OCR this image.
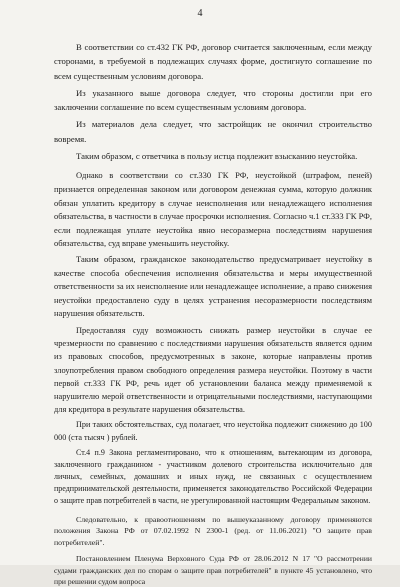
4

В соответствии со ст.432 ГК РФ, договор считается заключенным, если между сторонами, в требуемой в подлежащих случаях форме, достигнуто соглашение по всем существенным условиям договора.

Из указанного выше договора следует, что стороны достигли при его заключении соглашение по всем существенным условиям договора.

Из материалов дела следует, что застройщик не окончил строительство вовремя.

Таким образом, с ответчика в пользу истца подлежит взысканию неустойка.

Однако в соответствии со ст.330 ГК РФ, неустойкой (штрафом, пеней) признается определенная законом или договором денежная сумма, которую должник обязан уплатить кредитору в случае неисполнения или ненадлежащего исполнения обязательства, в частности в случае просрочки исполнения. Согласно ч.1 ст.333 ГК РФ, если подлежащая уплате неустойка явно несоразмерна последствиям нарушения обязательства, суд вправе уменьшить неустойку.

Таким образом, гражданское законодательство предусматривает неустойку в качестве способа обеспечения исполнения обязательства и меры имущественной ответственности за их неисполнение или ненадлежащее исполнение, а право снижения неустойки предоставлено суду в целях устранения несоразмерности последствиям нарушения обязательств.

Предоставляя суду возможность снижать размер неустойки в случае ее чрезмерности по сравнению с последствиями нарушения обязательств является одним из правовых способов, предусмотренных в законе, которые направлены против злоупотребления правом свободного определения размера неустойки. Поэтому в части первой ст.333 ГК РФ, речь идет об установлении баланса между применяемой к нарушителю мерой ответственности и отрицательными последствиями, наступающими для кредитора в результате нарушения обязательства.

При таких обстоятельствах, суд полагает, что неустойка подлежит снижению до 100 000 (ста тысяч ) рублей.

Ст.4 п.9 Закона регламентировано, что к отношениям, вытекающим из договора, заключенного гражданином - участником долевого строительства исключительно для личных, семейных, домашних и иных нужд, не связанных с осуществлением предпринимательской деятельности, применяется законодательство Российской Федерации о защите прав потребителей в части, не урегулированной настоящим Федеральным законом.

Следовательно, к правоотношениям по вышеуказанному договору применяются положения Закона РФ от 07.02.1992 N 2300-1 (ред. от 11.06.2021) "О защите прав потребителей".

Постановлением Пленума Верховного Суда РФ от 28.06.2012 N 17 "О рассмотрении судами гражданских дел по спорам о защите прав потребителей" в пункте 45 установлено, что при решении судом вопроса
